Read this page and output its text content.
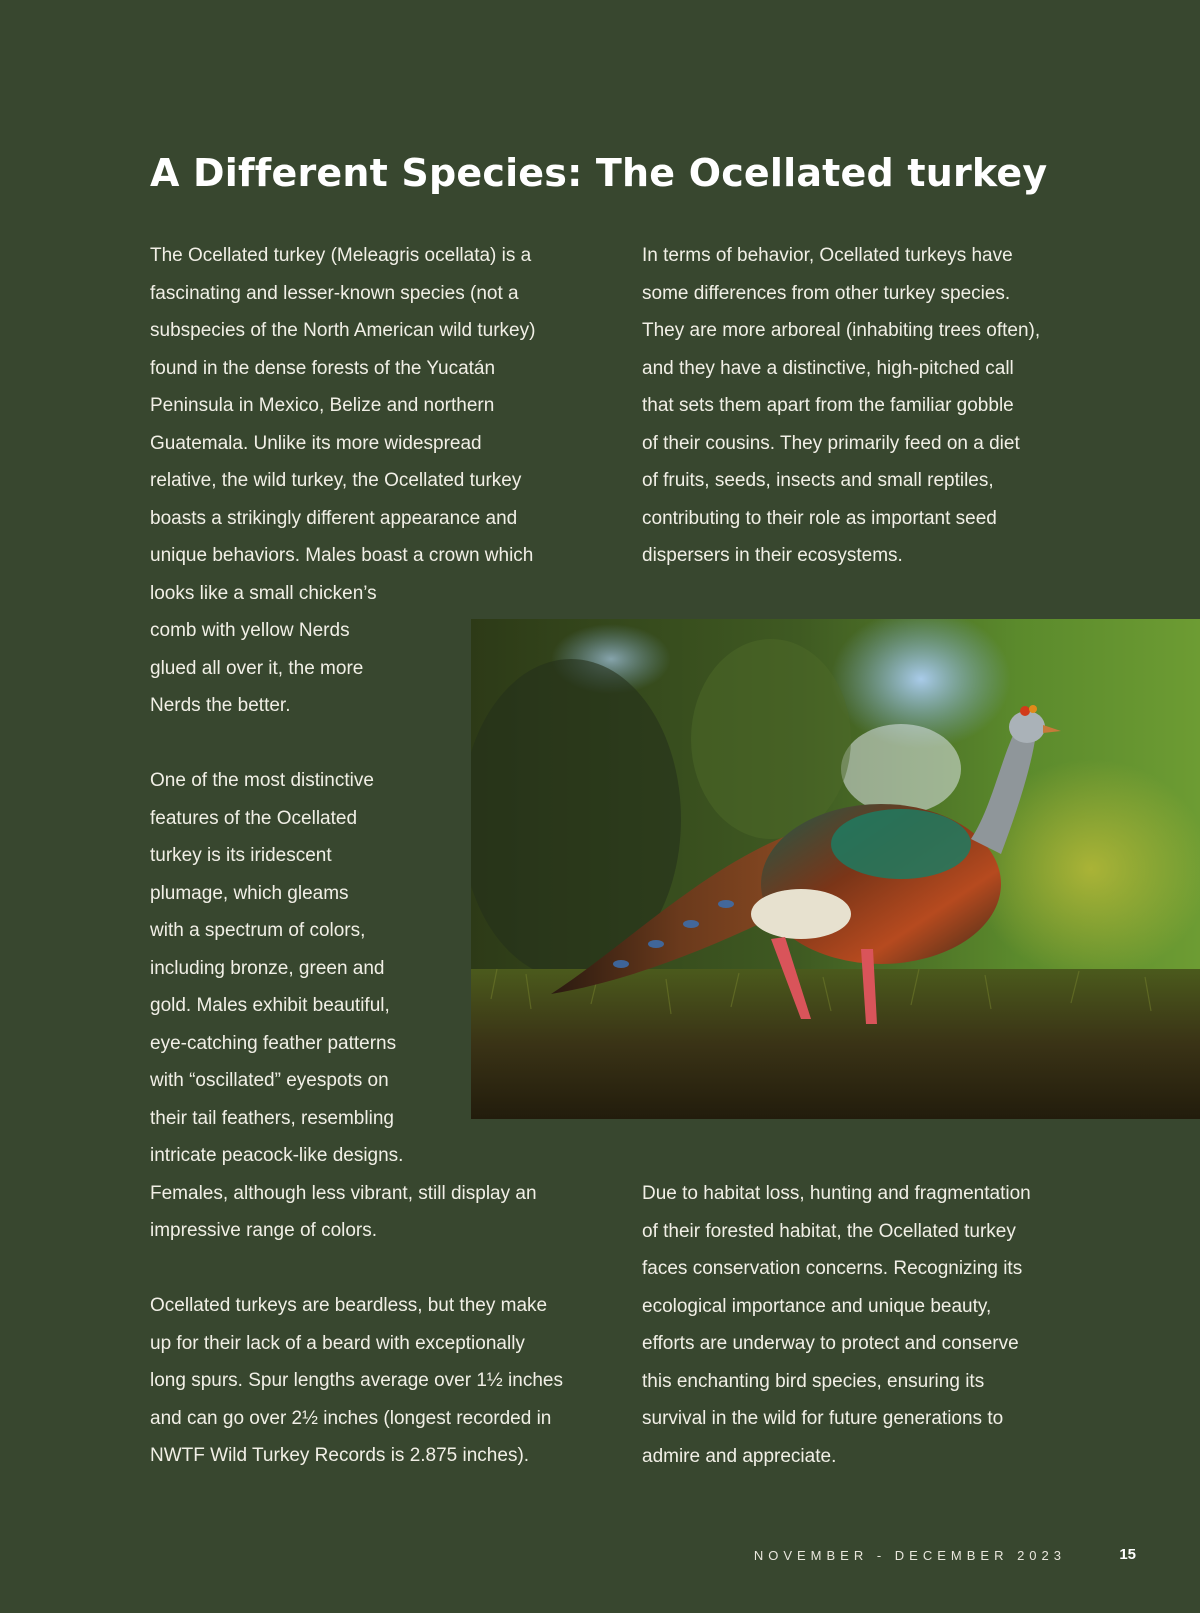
A Different Species: The Ocellated turkey

The Ocellated turkey (Meleagris ocellata) is a
fascinating and lesser-known species (not a
subspecies of the North American wild turkey)
found in the dense forests of the Yucatán
Peninsula in Mexico, Belize and northern
Guatemala. Unlike its more widespread
relative, the wild turkey, the Ocellated turkey
boasts a strikingly different appearance and
unique behaviors. Males boast a crown which
looks like a small chicken’s
comb with yellow Nerds
glued all over it, the more
Nerds the better.

One of the most distinctive
features of the Ocellated
turkey is its iridescent
plumage, which gleams
with a spectrum of colors,
including bronze, green and
gold. Males exhibit beautiful,
eye-catching feather patterns
with “oscillated” eyespots on
their tail feathers, resembling
intricate peacock-like designs.
Females, although less vibrant, still display an
impressive range of colors.

Ocellated turkeys are beardless, but they make
up for their lack of a beard with exceptionally
long spurs. Spur lengths average over 1½ inches
and can go over 2½ inches (longest recorded in
NWTF Wild Turkey Records is 2.875 inches).

In terms of behavior, Ocellated turkeys have
some differences from other turkey species.
They are more arboreal (inhabiting trees often),
and they have a distinctive, high-pitched call
that sets them apart from the familiar gobble
of their cousins. They primarily feed on a diet
of fruits, seeds, insects and small reptiles,
contributing to their role as important seed
dispersers in their ecosystems.

Due to habitat loss, hunting and fragmentation
of their forested habitat, the Ocellated turkey
faces conservation concerns. Recognizing its
ecological importance and unique beauty,
efforts are underway to protect and conserve
this enchanting bird species, ensuring its
survival in the wild for future generations to
admire and appreciate.

NOVEMBER - DECEMBER 2023	15
